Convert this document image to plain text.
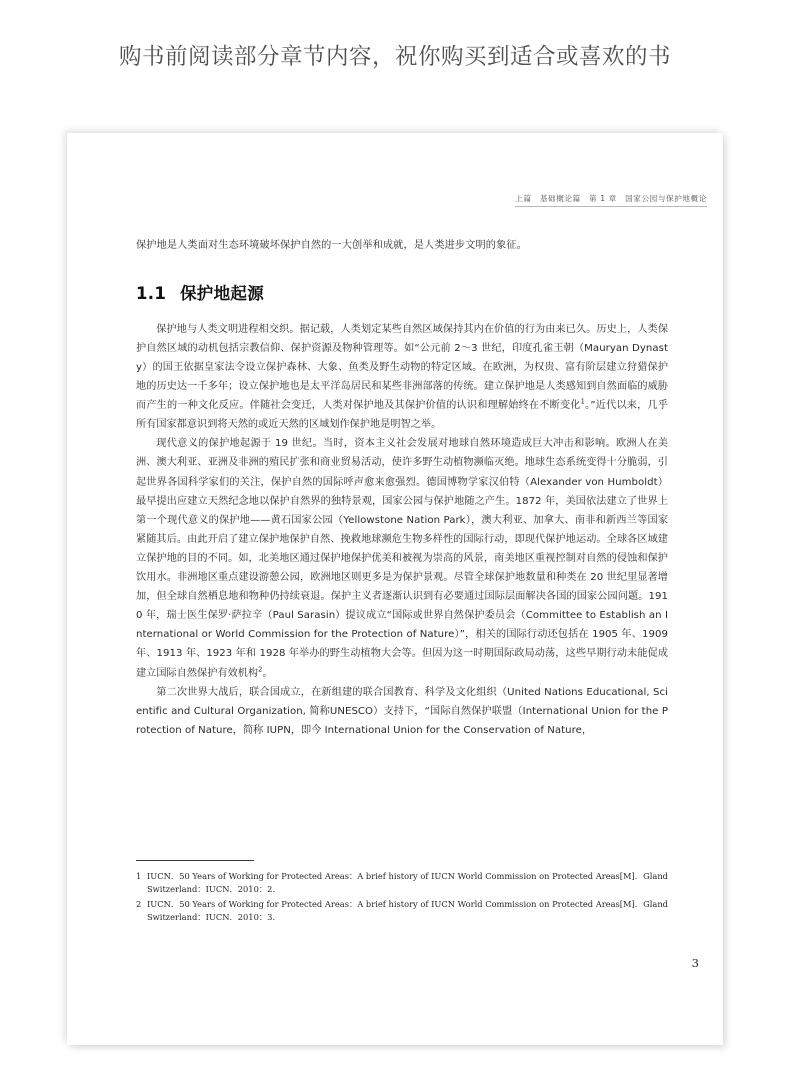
购书前阅读部分章节内容，祝你购买到适合或喜欢的书
上篇　基础概论篇　第 1 章　国家公园与保护地概论
保护地是人类面对生态环境破坏保护自然的一大创举和成就，是人类进步文明的象征。
1.1 保护地起源

保护地与人类文明进程相交织。据记载，人类划定某些自然区域保持其内在价值的行为由来已久。历史上，人类保护自然区域的动机包括宗教信仰、保护资源及物种管理等。如“公元前 2～3 世纪，印度孔雀王朝（Mauryan Dynasty）的国王依据皇家法令设立保护森林、大象、鱼类及野生动物的特定区域。在欧洲，为权贵、富有阶层建立狩猎保护地的历史达一千多年；设立保护地也是太平洋岛居民和某些非洲部落的传统。建立保护地是人类感知到自然面临的威胁而产生的一种文化反应。伴随社会变迁，人类对保护地及其保护价值的认识和理解始终在不断变化$^1$。”近代以来，几乎所有国家都意识到将天然的或近天然的区域划作保护地是明智之举。

现代意义的保护地起源于 19 世纪。当时，资本主义社会发展对地球自然环境造成巨大冲击和影响。欧洲人在美洲、澳大利亚、亚洲及非洲的殖民扩张和商业贸易活动，使许多野生动植物濒临灭绝。地球生态系统变得十分脆弱，引起世界各国科学家们的关注，保护自然的国际呼声愈来愈强烈。德国博物学家汉伯特（Alexander von Humboldt）最早提出应建立天然纪念地以保护自然界的独特景观，国家公园与保护地随之产生。1872 年，美国依法建立了世界上第一个现代意义的保护地——黄石国家公园（Yellowstone Nation Park），澳大利亚、加拿大、南非和新西兰等国家紧随其后。由此开启了建立保护地保护自然、挽救地球濒危生物多样性的国际行动，即现代保护地运动。全球各区域建立保护地的目的不同。如，北美地区通过保护地保护优美和被视为崇高的风景，南美地区重视控制对自然的侵蚀和保护饮用水。非洲地区重点建设游憩公园，欧洲地区则更多是为保护景观。尽管全球保护地数量和种类在 20 世纪里显著增加，但全球自然栖息地和物种仍持续衰退。保护主义者逐渐认识到有必要通过国际层面解决各国的国家公园问题。1910 年，瑞士医生保罗·萨拉辛（Paul Sarasin）提议成立“国际或世界自然保护委员会（Committee to Establish an International or World Commission for the Protection of Nature）”，相关的国际行动还包括在 1905 年、1909 年、1913 年、1923 年和 1928 年举办的野生动植物大会等。但因为这一时期国际政局动荡，这些早期行动未能促成建立国际自然保护有效机构$^2$。

第二次世界大战后，联合国成立，在新组建的联合国教育、科学及文化组织（United Nations Educational, Scientific and Cultural Organization, 简称UNESCO）支持下，“国际自然保护联盟（International Union for the Protection of Nature，简称 IUPN，即今 International Union for the Conservation of Nature，

1 IUCN．50 Years of Working for Protected Areas：A brief history of IUCN World Commission on Protected Areas[M]．Gland Switzerland：IUCN．2010：2.
2 IUCN．50 Years of Working for Protected Areas：A brief history of IUCN World Commission on Protected Areas[M]．Gland Switzerland：IUCN．2010：3.
3
